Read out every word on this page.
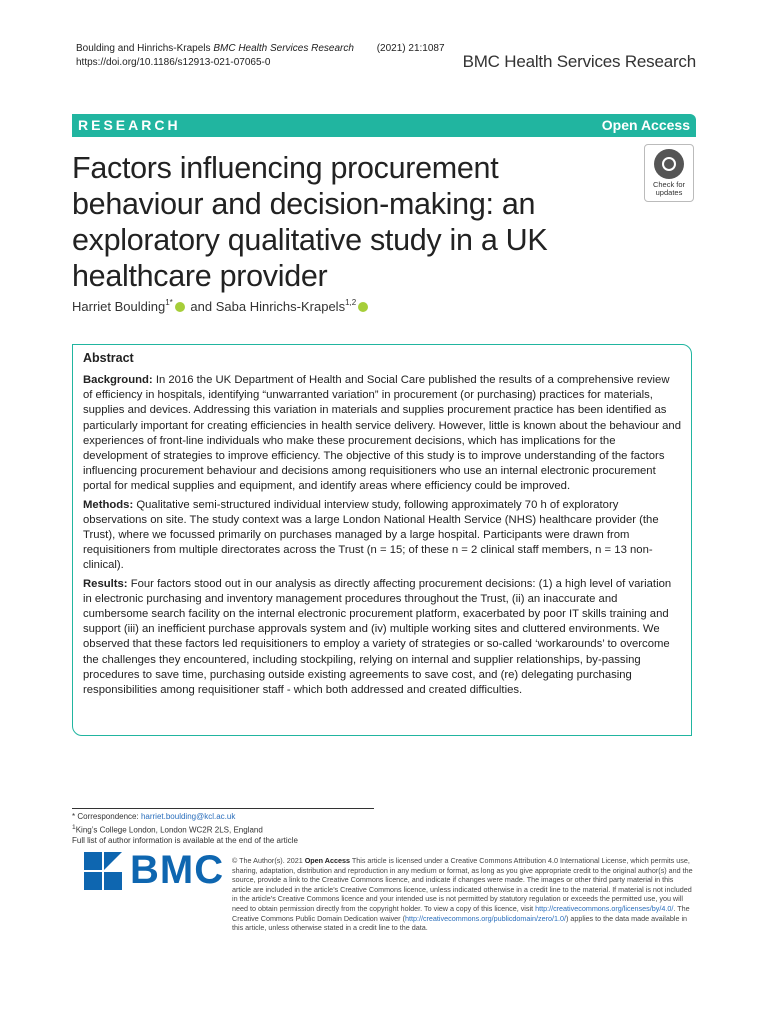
Boulding and Hinrichs-Krapels BMC Health Services Research (2021) 21:1087
https://doi.org/10.1186/s12913-021-07065-0	BMC Health Services Research
RESEARCH	Open Access
Factors influencing procurement behaviour and decision-making: an exploratory qualitative study in a UK healthcare provider
Check for
updates
Harriet Boulding$^{1*}$ and Saba Hinrichs-Krapels$^{1,2}$
Abstract

Background: In 2016 the UK Department of Health and Social Care published the results of a comprehensive review of efficiency in hospitals, identifying “unwarranted variation” in procurement (or purchasing) practices for materials, supplies and devices. Addressing this variation in materials and supplies procurement practice has been identified as particularly important for creating efficiencies in health service delivery. However, little is known about the behaviour and experiences of front-line individuals who make these procurement decisions, which has implications for the development of strategies to improve efficiency. The objective of this study is to improve understanding of the factors influencing procurement behaviour and decisions among requisitioners who use an internal electronic procurement portal for medical supplies and equipment, and identify areas where efficiency could be improved.

Methods: Qualitative semi-structured individual interview study, following approximately 70 h of exploratory observations on site. The study context was a large London National Health Service (NHS) healthcare provider (the Trust), where we focussed primarily on purchases managed by a large hospital. Participants were drawn from requisitioners from multiple directorates across the Trust (n = 15; of these n = 2 clinical staff members, n = 13 non-clinical).

Results: Four factors stood out in our analysis as directly affecting procurement decisions: (1) a high level of variation in electronic purchasing and inventory management procedures throughout the Trust, (ii) an inaccurate and cumbersome search facility on the internal electronic procurement platform, exacerbated by poor IT skills training and support (iii) an inefficient purchase approvals system and (iv) multiple working sites and cluttered environments. We observed that these factors led requisitioners to employ a variety of strategies or so-called ‘workarounds’ to overcome the challenges they encountered, including stockpiling, relying on internal and supplier relationships, by-passing procedures to save time, purchasing outside existing agreements to save cost, and (re) delegating purchasing responsibilities among requisitioner staff - which both addressed and created difficulties.

* Correspondence: harriet.boulding@kcl.ac.uk
$^1$King’s College London, London WC2R 2LS, England
Full list of author information is available at the end of the article
BMC © The Author(s). 2021 Open Access This article is licensed under a Creative Commons Attribution 4.0 International License, which permits use, sharing, adaptation, distribution and reproduction in any medium or format, as long as you give appropriate credit to the original author(s) and the source, provide a link to the Creative Commons licence, and indicate if changes were made. The images or other third party material in this article are included in the article’s Creative Commons licence, unless indicated otherwise in a credit line to the material. If material is not included in the article’s Creative Commons licence and your intended use is not permitted by statutory regulation or exceeds the permitted use, you will need to obtain permission directly from the copyright holder. To view a copy of this licence, visit http://creativecommons.org/licenses/by/4.0/. The Creative Commons Public Domain Dedication waiver (http://creativecommons.org/publicdomain/zero/1.0/) applies to the data made available in this article, unless otherwise stated in a credit line to the data.
